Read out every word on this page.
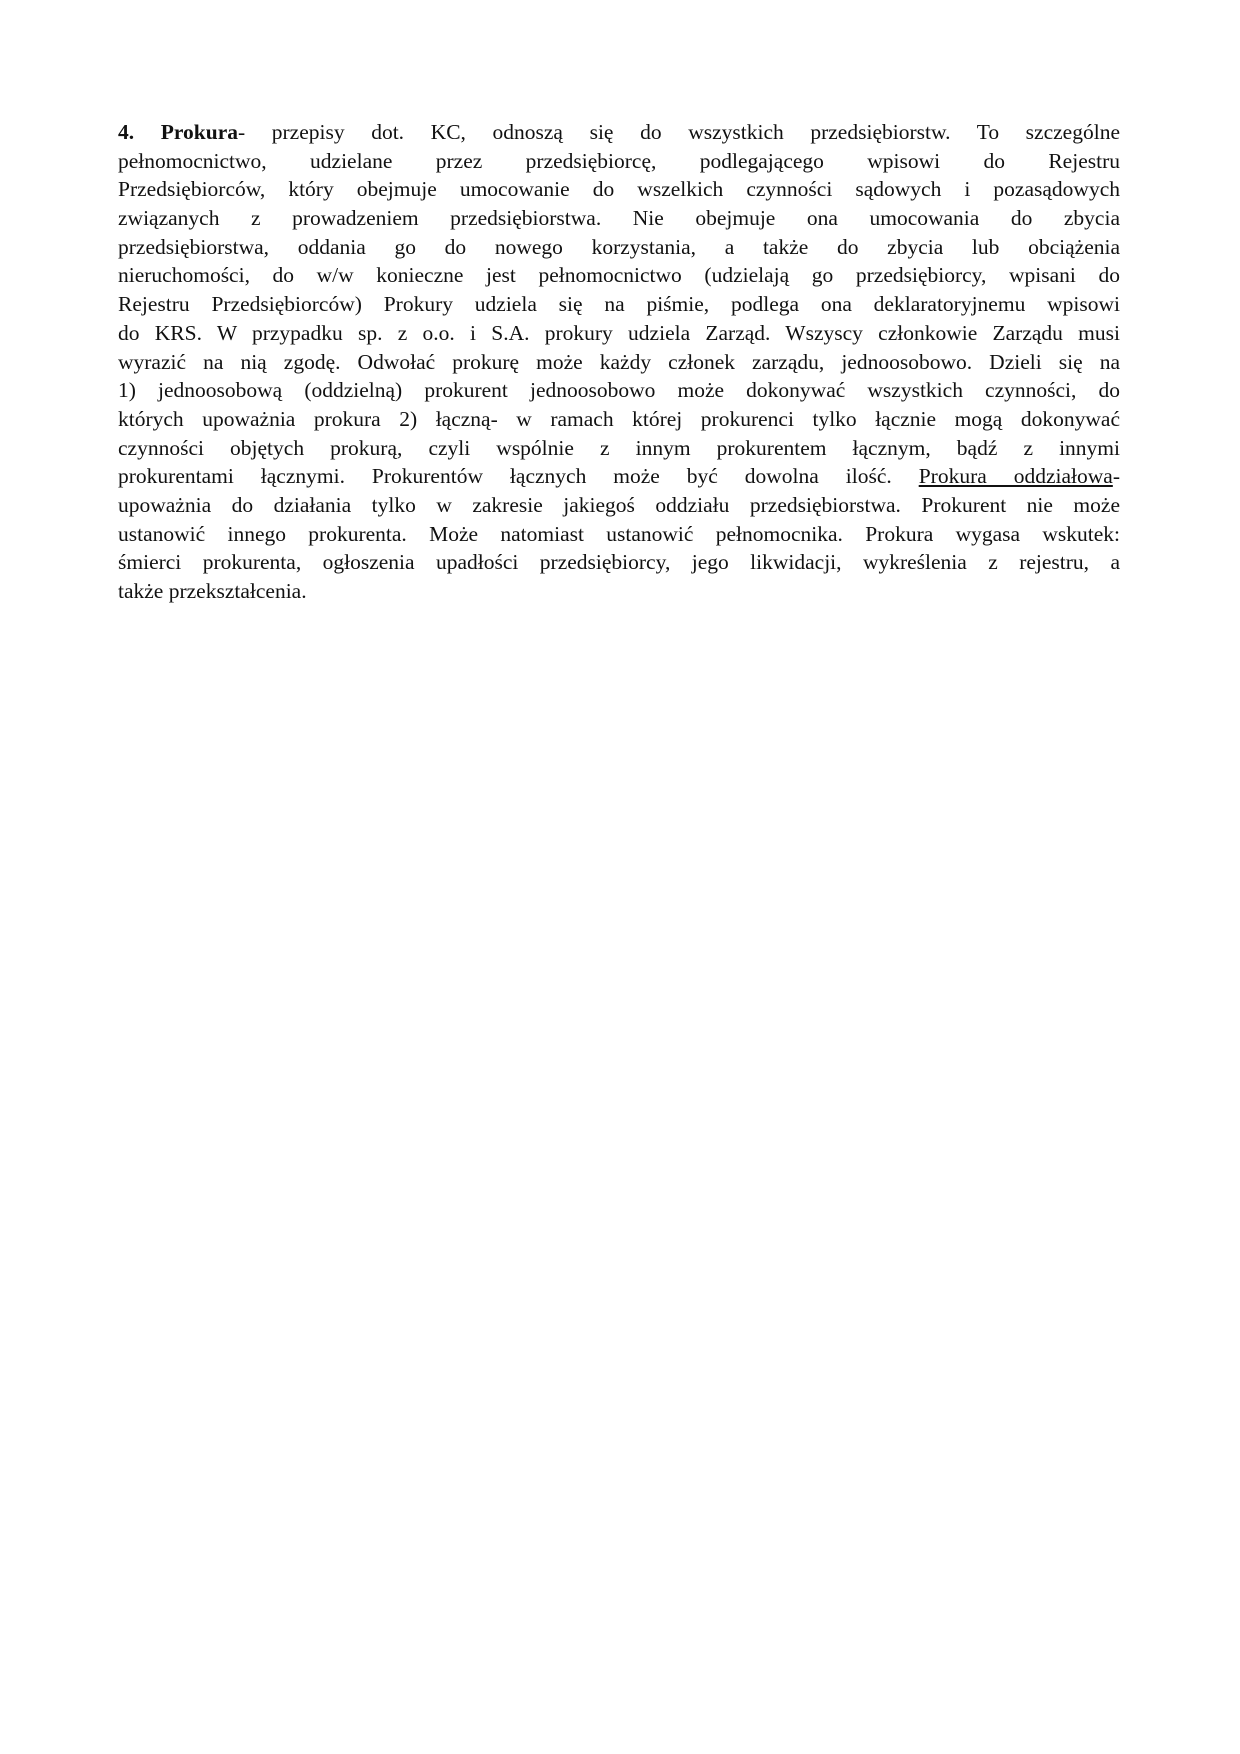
4. Prokura- przepisy dot. KC, odnoszą się do wszystkich przedsiębiorstw. To szczególne
pełnomocnictwo, udzielane przez przedsiębiorcę, podlegającego wpisowi do Rejestru
Przedsiębiorców, który obejmuje umocowanie do wszelkich czynności sądowych i pozasądowych
związanych z prowadzeniem przedsiębiorstwa. Nie obejmuje ona umocowania do zbycia
przedsiębiorstwa, oddania go do nowego korzystania, a także do zbycia lub obciążenia
nieruchomości, do w/w konieczne jest pełnomocnictwo (udzielają go przedsiębiorcy, wpisani do
Rejestru Przedsiębiorców) Prokury udziela się na piśmie, podlega ona deklaratoryjnemu wpisowi
do KRS. W przypadku sp. z o.o. i S.A. prokury udziela Zarząd. Wszyscy członkowie Zarządu musi
wyrazić na nią zgodę. Odwołać prokurę może każdy członek zarządu, jednoosobowo. Dzieli się na
1) jednoosobową (oddzielną) prokurent jednoosobowo może dokonywać wszystkich czynności, do
których upoważnia prokura 2) łączną- w ramach której prokurenci tylko łącznie mogą dokonywać
czynności objętych prokurą, czyli wspólnie z innym prokurentem łącznym, bądź z innymi
prokurentami łącznymi. Prokurentów łącznych może być dowolna ilość. Prokura oddziałowa-
upoważnia do działania tylko w zakresie jakiegoś oddziału przedsiębiorstwa. Prokurent nie może
ustanowić innego prokurenta. Może natomiast ustanowić pełnomocnika. Prokura wygasa wskutek:
śmierci prokurenta, ogłoszenia upadłości przedsiębiorcy, jego likwidacji, wykreślenia z rejestru, a
także przekształcenia.
